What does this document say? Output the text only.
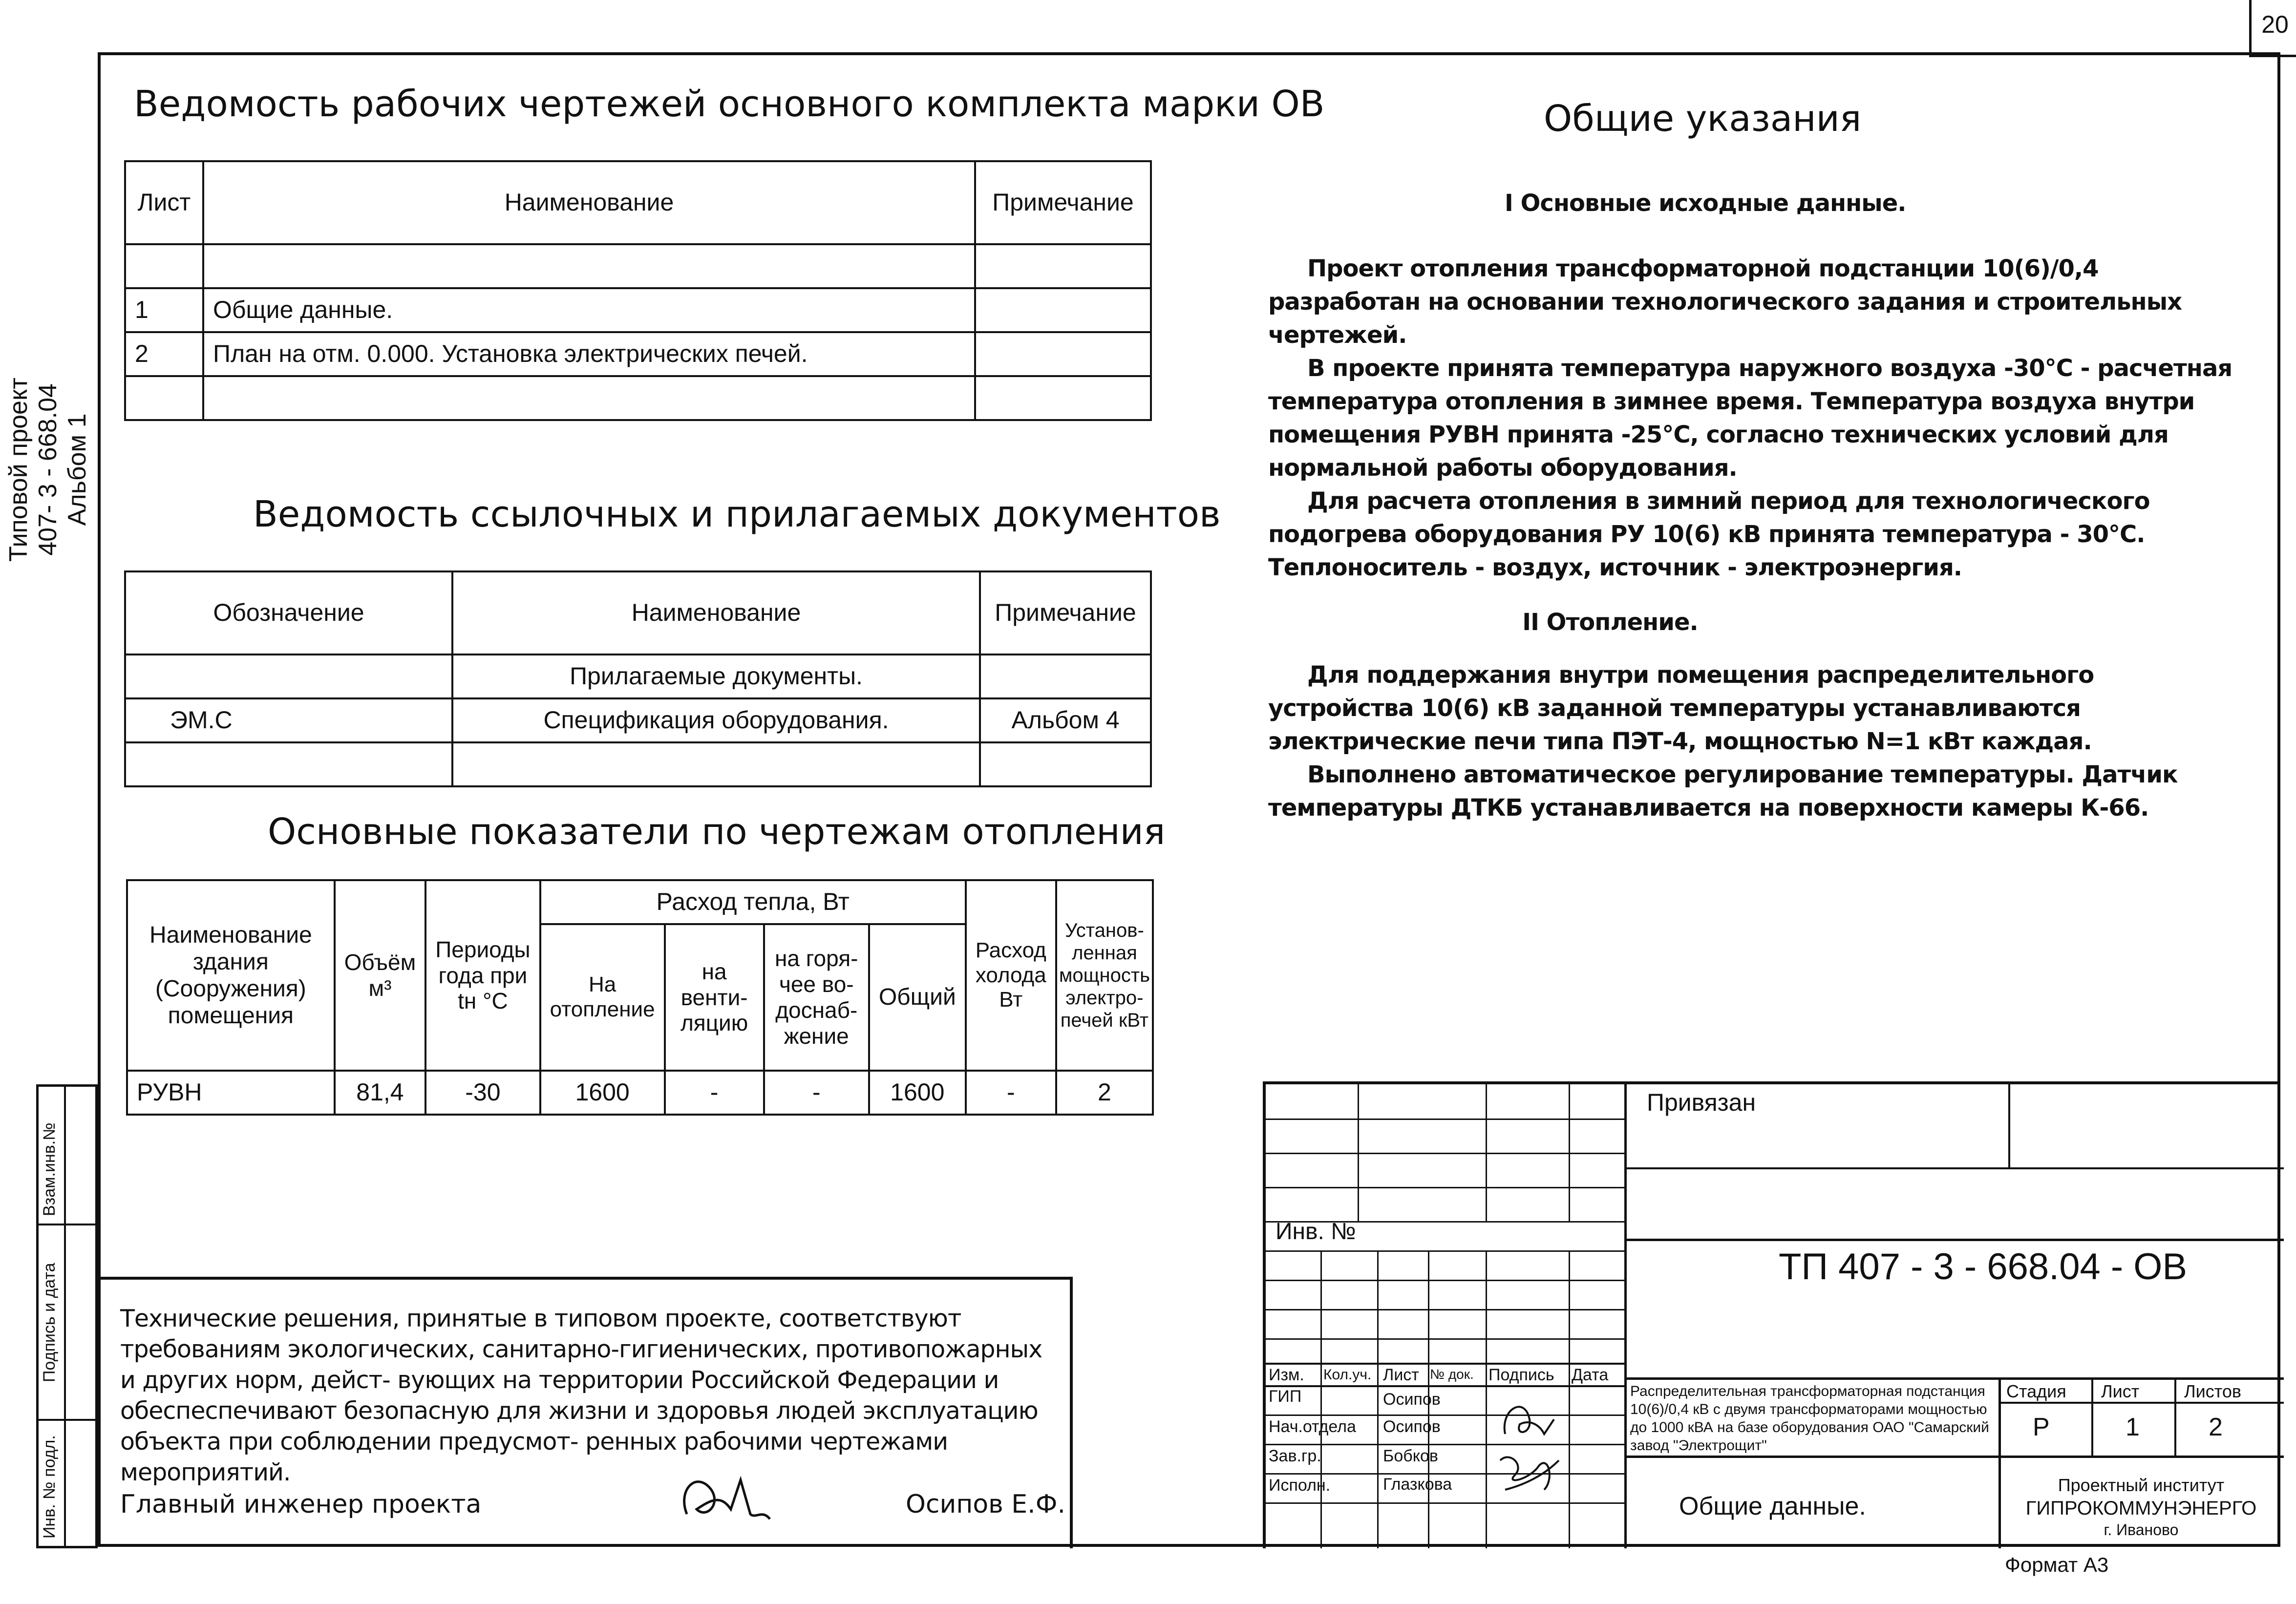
20
Типовой проект 407- 3 - 668.04 Альбом 1
Взам.инв.№
Подпись и дата
Инв. № подл.
Ведомость рабочих чертежей основного комплекта марки ОВ
Лист	Наименование	Примечание

1	Общие данные.	
2	План на отм. 0.000. Установка электрических печей.	

Ведомость ссылочных и прилагаемых документов
Обозначение	Наименование	Примечание
	Прилагаемые документы.	
ЭМ.С	Спецификация оборудования.	Альбом 4

Основные показатели по чертежам отопления
Наименование здания (Сооружения) помещения	Объём м³	Периоды года при tн °C	Расход тепла, Вт				Расход холода Вт	Установ- ленная мощность электро- печей кВт
			На отопление	на венти- ляцию	на горя- чее во- доснаб- жение	Общий		
РУВН	81,4	-30	1600	-	-	1600	-	2
Технические решения, принятые в типовом проекте, соответствуют требованиям экологических, санитарно-гигиенических, противопожарных и других норм, дейст- вующих на территории Российской Федерации и обеспеспечивают безопасную для жизни и здоровья людей эксплуатацию объекта при соблюдении предусмот- ренных рабочими чертежами мероприятий.
Главный инженер проекта	Осипов Е.Ф.
Общие указания
I Основные исходные данные.
Проект отопления трансформаторной подстанции 10(6)/0,4 разработан на основании технологического задания и строительных чертежей.
В проекте принята температура наружного воздуха -30°С - расчетная температура отопления в зимнее время. Температура воздуха внутри помещения РУВН принята -25°С, согласно технических условий для нормальной работы оборудования.
Для расчета отопления в зимний период для технологического подогрева оборудования РУ 10(6) кВ принята температура - 30°С. Теплоноситель - воздух, источник - электроэнергия.
II Отопление.
Для поддержания внутри помещения распределительного устройства 10(6) кВ заданной температуры устанавливаются электрические печи типа ПЭТ-4, мощностью N=1 кВт каждая.
Выполнено автоматическое регулирование температуры. Датчик температуры ДТКБ устанавливается на поверхности камеры К-66.
Инв. №
Изм. Кол.уч. Лист № док. Подпись Дата
ГИП	Осипов
Нач.отдела Осипов
Зав.гр.	Бобков
Исполн.	Глазкова
Привязан
ТП 407 - 3 - 668.04 - ОВ
Распределительная трансформаторная подстанция 10(6)/0,4 кВ с двумя трансформаторами мощностью до 1000 кВА на базе оборудования ОАО "Самарский завод "Электрощит"
Стадия Лист	Листов
Р	1	2
Общие данные.
Проектный институт
ГИПРОКОММУНЭНЕРГО
г. Иваново
Формат А3
